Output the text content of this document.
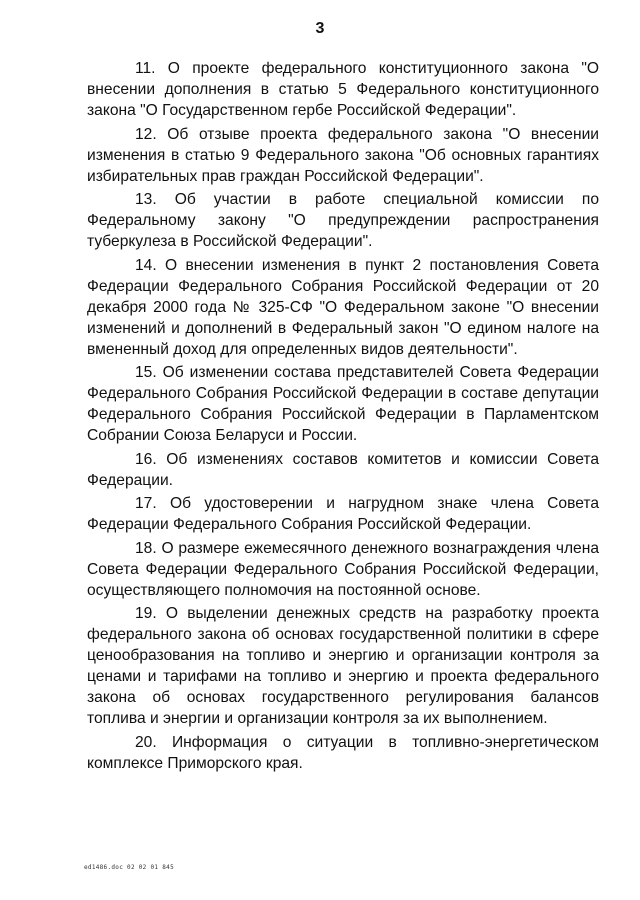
3

11. О проекте федерального конституционного закона "О внесении дополнения в статью 5 Федерального конституционного закона "О Государственном гербе Российской Федерации".

12. Об отзыве проекта федерального закона "О внесении изменения в статью 9 Федерального закона "Об основных гарантиях избирательных прав граждан Российской Федерации".

13. Об участии в работе специальной комиссии по Федеральному закону "О предупреждении распространения туберкулеза в Российской Федерации".

14. О внесении изменения в пункт 2 постановления Совета Федерации Федерального Собрания Российской Федерации от 20 декабря 2000 года № 325-СФ "О Федеральном законе "О внесении изменений и дополнений в Федеральный закон "О едином налоге на вмененный доход для определенных видов деятельности".

15. Об изменении состава представителей Совета Федерации Федерального Собрания Российской Федерации в составе депутации Федерального Собрания Российской Федерации в Парламентском Собрании Союза Беларуси и России.

16. Об изменениях составов комитетов и комиссии Совета Федерации.

17. Об удостоверении и нагрудном знаке члена Совета Федерации Федерального Собрания Российской Федерации.

18. О размере ежемесячного денежного вознаграждения члена Совета Федерации Федерального Собрания Российской Федерации, осуществляющего полномочия на постоянной основе.

19. О выделении денежных средств на разработку проекта федерального закона об основах государственной политики в сфере ценообразования на топливо и энергию и организации контроля за ценами и тарифами на топливо и энергию и проекта федерального закона об основах государственного регулирования балансов топлива и энергии и организации контроля за их выполнением.

20. Информация о ситуации в топливно-энергетическом комплексе Приморского края.

ed1486.doc 02 02 01 845
